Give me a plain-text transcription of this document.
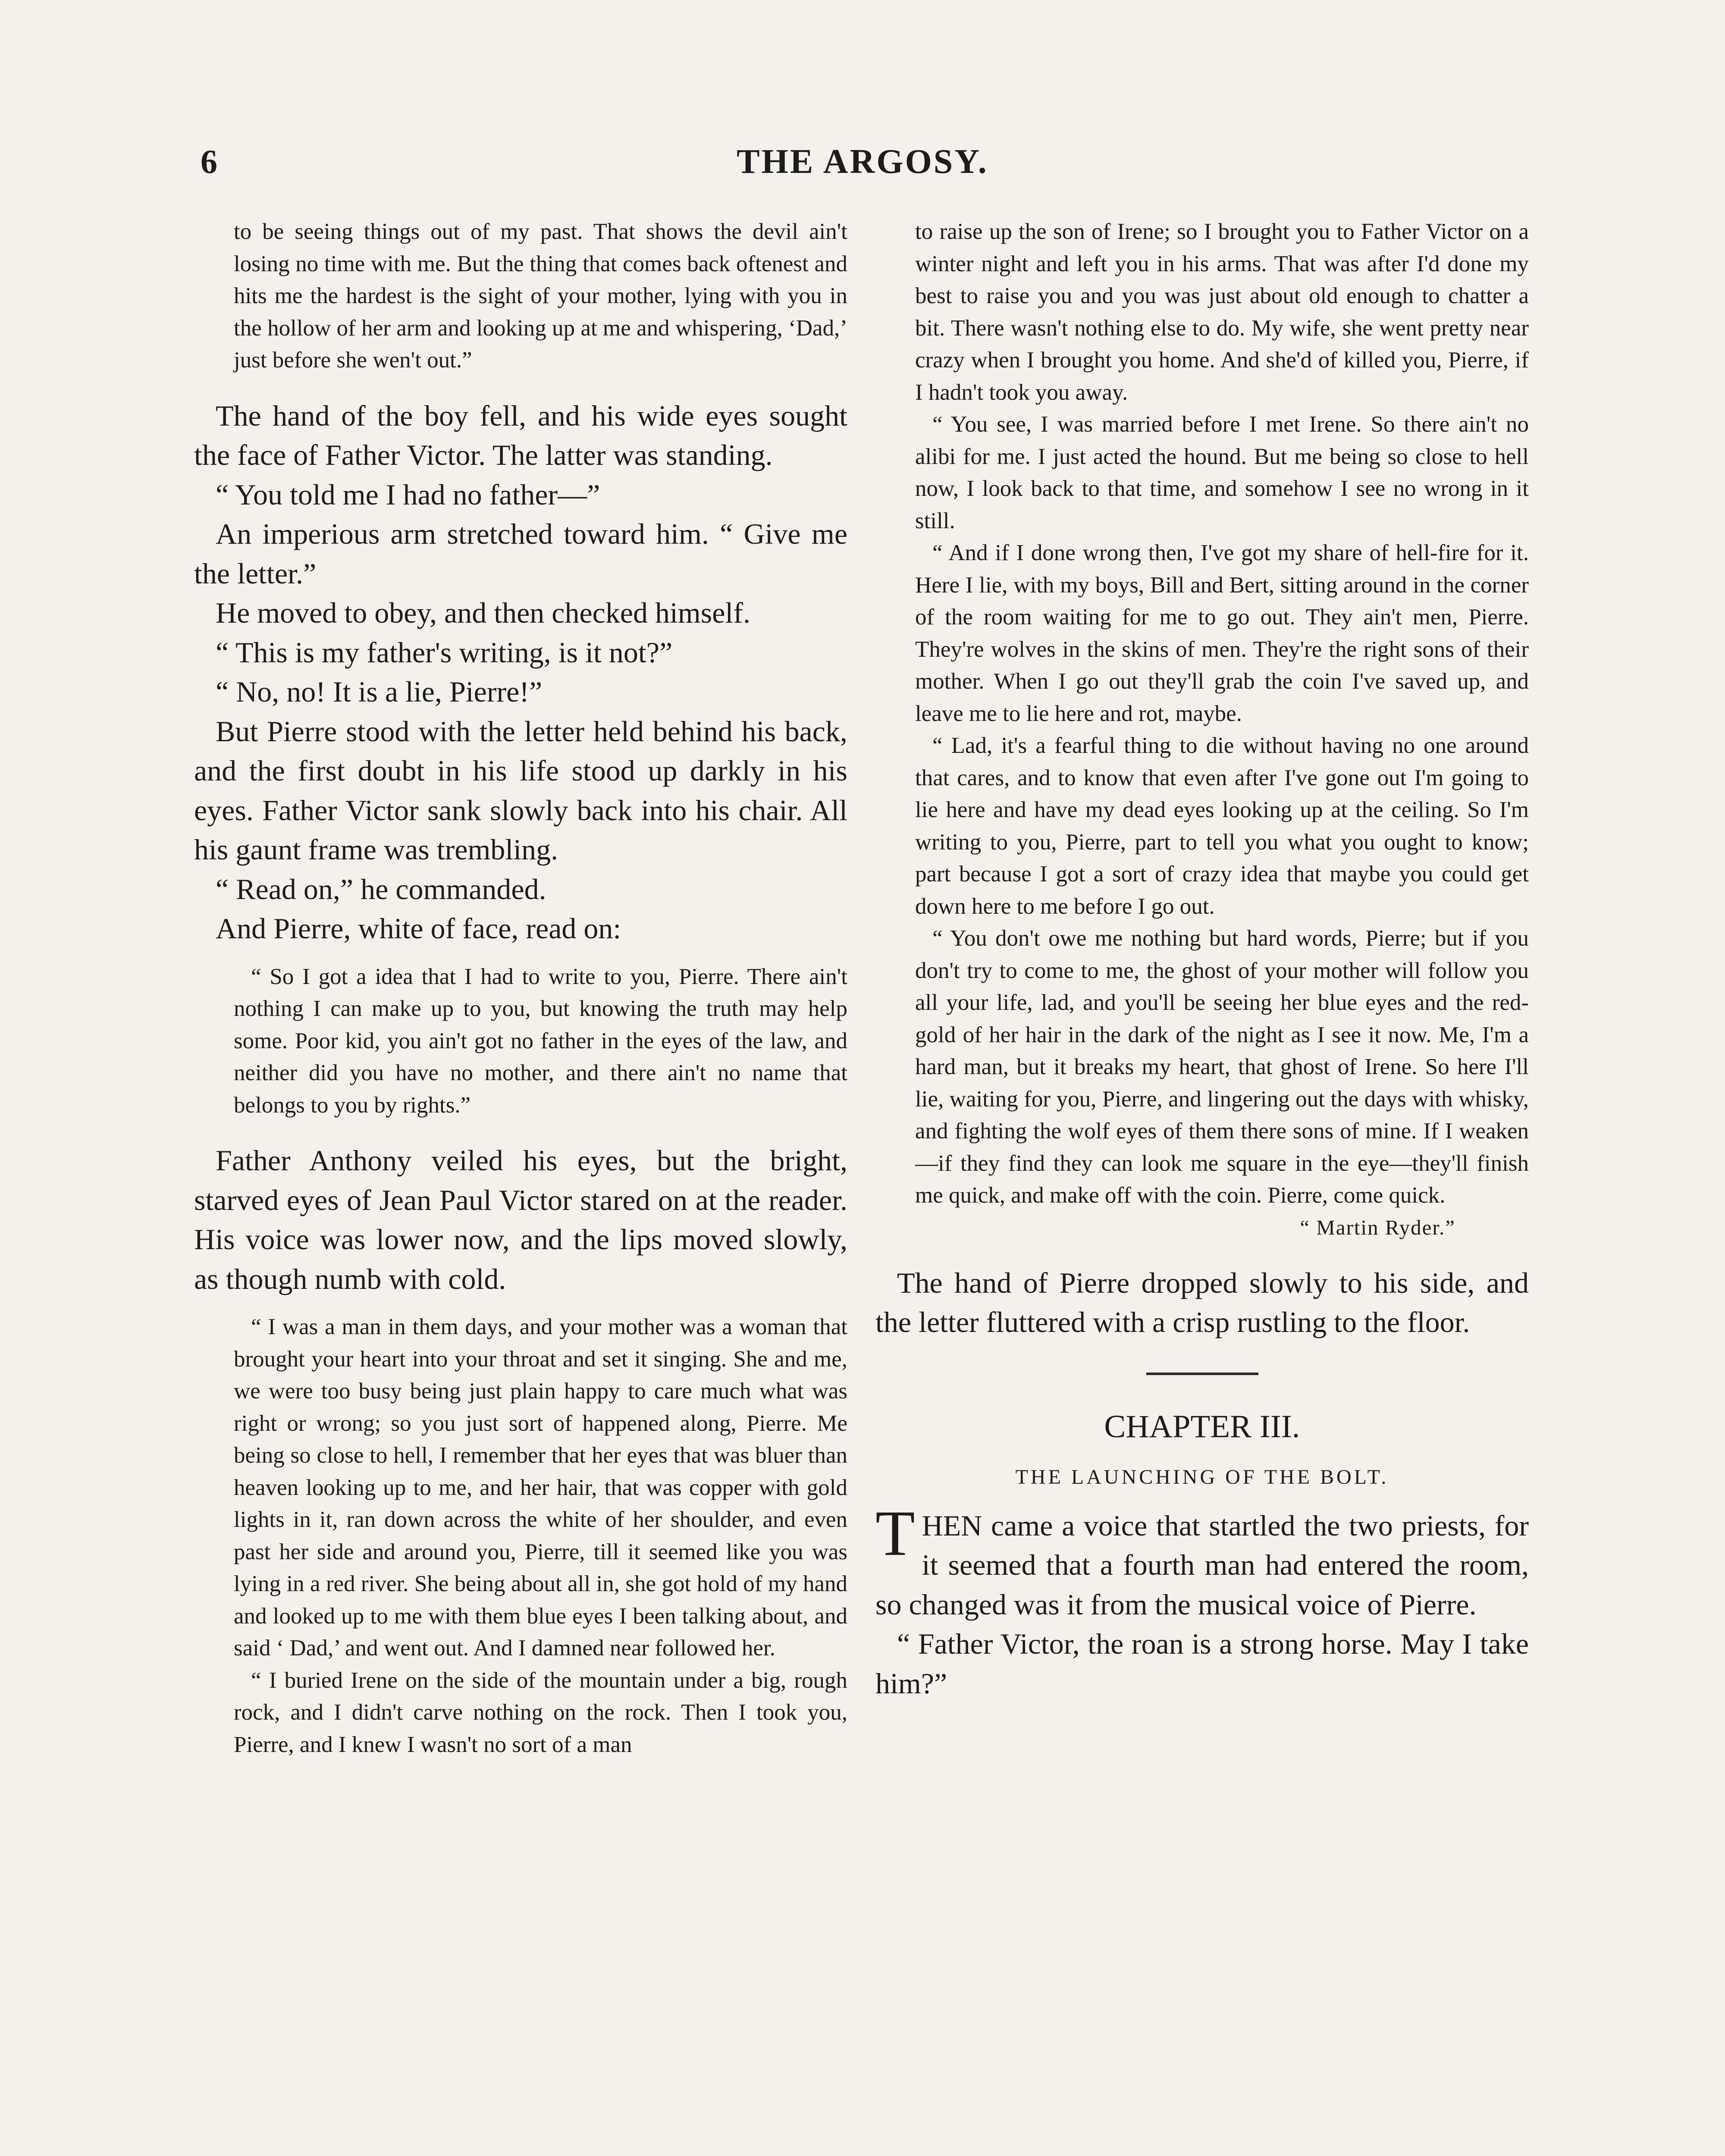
6	THE ARGOSY.

to be seeing things out of my past. That shows the devil ain't losing no time with me. But the thing that comes back oftenest and hits me the hardest is the sight of your mother, lying with you in the hollow of her arm and looking up at me and whispering, ‘Dad,’ just before she wen't out.”

The hand of the boy fell, and his wide eyes sought the face of Father Victor. The latter was standing.

“ You told me I had no father—”

An imperious arm stretched toward him. “ Give me the letter.”

He moved to obey, and then checked himself.

“ This is my father's writing, is it not?”

“ No, no! It is a lie, Pierre!”

But Pierre stood with the letter held behind his back, and the first doubt in his life stood up darkly in his eyes. Father Victor sank slowly back into his chair. All his gaunt frame was trembling.

“ Read on,” he commanded.

And Pierre, white of face, read on:

“ So I got a idea that I had to write to you, Pierre. There ain't nothing I can make up to you, but knowing the truth may help some. Poor kid, you ain't got no father in the eyes of the law, and neither did you have no mother, and there ain't no name that belongs to you by rights.”

Father Anthony veiled his eyes, but the bright, starved eyes of Jean Paul Victor stared on at the reader. His voice was lower now, and the lips moved slowly, as though numb with cold.

“ I was a man in them days, and your mother was a woman that brought your heart into your throat and set it singing. She and me, we were too busy being just plain happy to care much what was right or wrong; so you just sort of happened along, Pierre. Me being so close to hell, I remember that her eyes that was bluer than heaven looking up to me, and her hair, that was copper with gold lights in it, ran down across the white of her shoulder, and even past her side and around you, Pierre, till it seemed like you was lying in a red river. She being about all in, she got hold of my hand and looked up to me with them blue eyes I been talking about, and said ‘ Dad,’ and went out. And I damned near followed her.

“ I buried Irene on the side of the mountain under a big, rough rock, and I didn't carve nothing on the rock. Then I took you, Pierre, and I knew I wasn't no sort of a man

to raise up the son of Irene; so I brought you to Father Victor on a winter night and left you in his arms. That was after I'd done my best to raise you and you was just about old enough to chatter a bit. There wasn't nothing else to do. My wife, she went pretty near crazy when I brought you home. And she'd of killed you, Pierre, if I hadn't took you away.

“ You see, I was married before I met Irene. So there ain't no alibi for me. I just acted the hound. But me being so close to hell now, I look back to that time, and somehow I see no wrong in it still.

“ And if I done wrong then, I've got my share of hell-fire for it. Here I lie, with my boys, Bill and Bert, sitting around in the corner of the room waiting for me to go out. They ain't men, Pierre. They're wolves in the skins of men. They're the right sons of their mother. When I go out they'll grab the coin I've saved up, and leave me to lie here and rot, maybe.

“ Lad, it's a fearful thing to die without having no one around that cares, and to know that even after I've gone out I'm going to lie here and have my dead eyes looking up at the ceiling. So I'm writing to you, Pierre, part to tell you what you ought to know; part because I got a sort of crazy idea that maybe you could get down here to me before I go out.

“ You don't owe me nothing but hard words, Pierre; but if you don't try to come to me, the ghost of your mother will follow you all your life, lad, and you'll be seeing her blue eyes and the red-gold of her hair in the dark of the night as I see it now. Me, I'm a hard man, but it breaks my heart, that ghost of Irene. So here I'll lie, waiting for you, Pierre, and lingering out the days with whisky, and fighting the wolf eyes of them there sons of mine. If I weaken—if they find they can look me square in the eye—they'll finish me quick, and make off with the coin. Pierre, come quick.

“ Martin Ryder.”

The hand of Pierre dropped slowly to his side, and the letter fluttered with a crisp rustling to the floor.

CHAPTER III.

THE LAUNCHING OF THE BOLT.

THEN came a voice that startled the two priests, for it seemed that a fourth man had entered the room, so changed was it from the musical voice of Pierre.

“ Father Victor, the roan is a strong horse. May I take him?”
